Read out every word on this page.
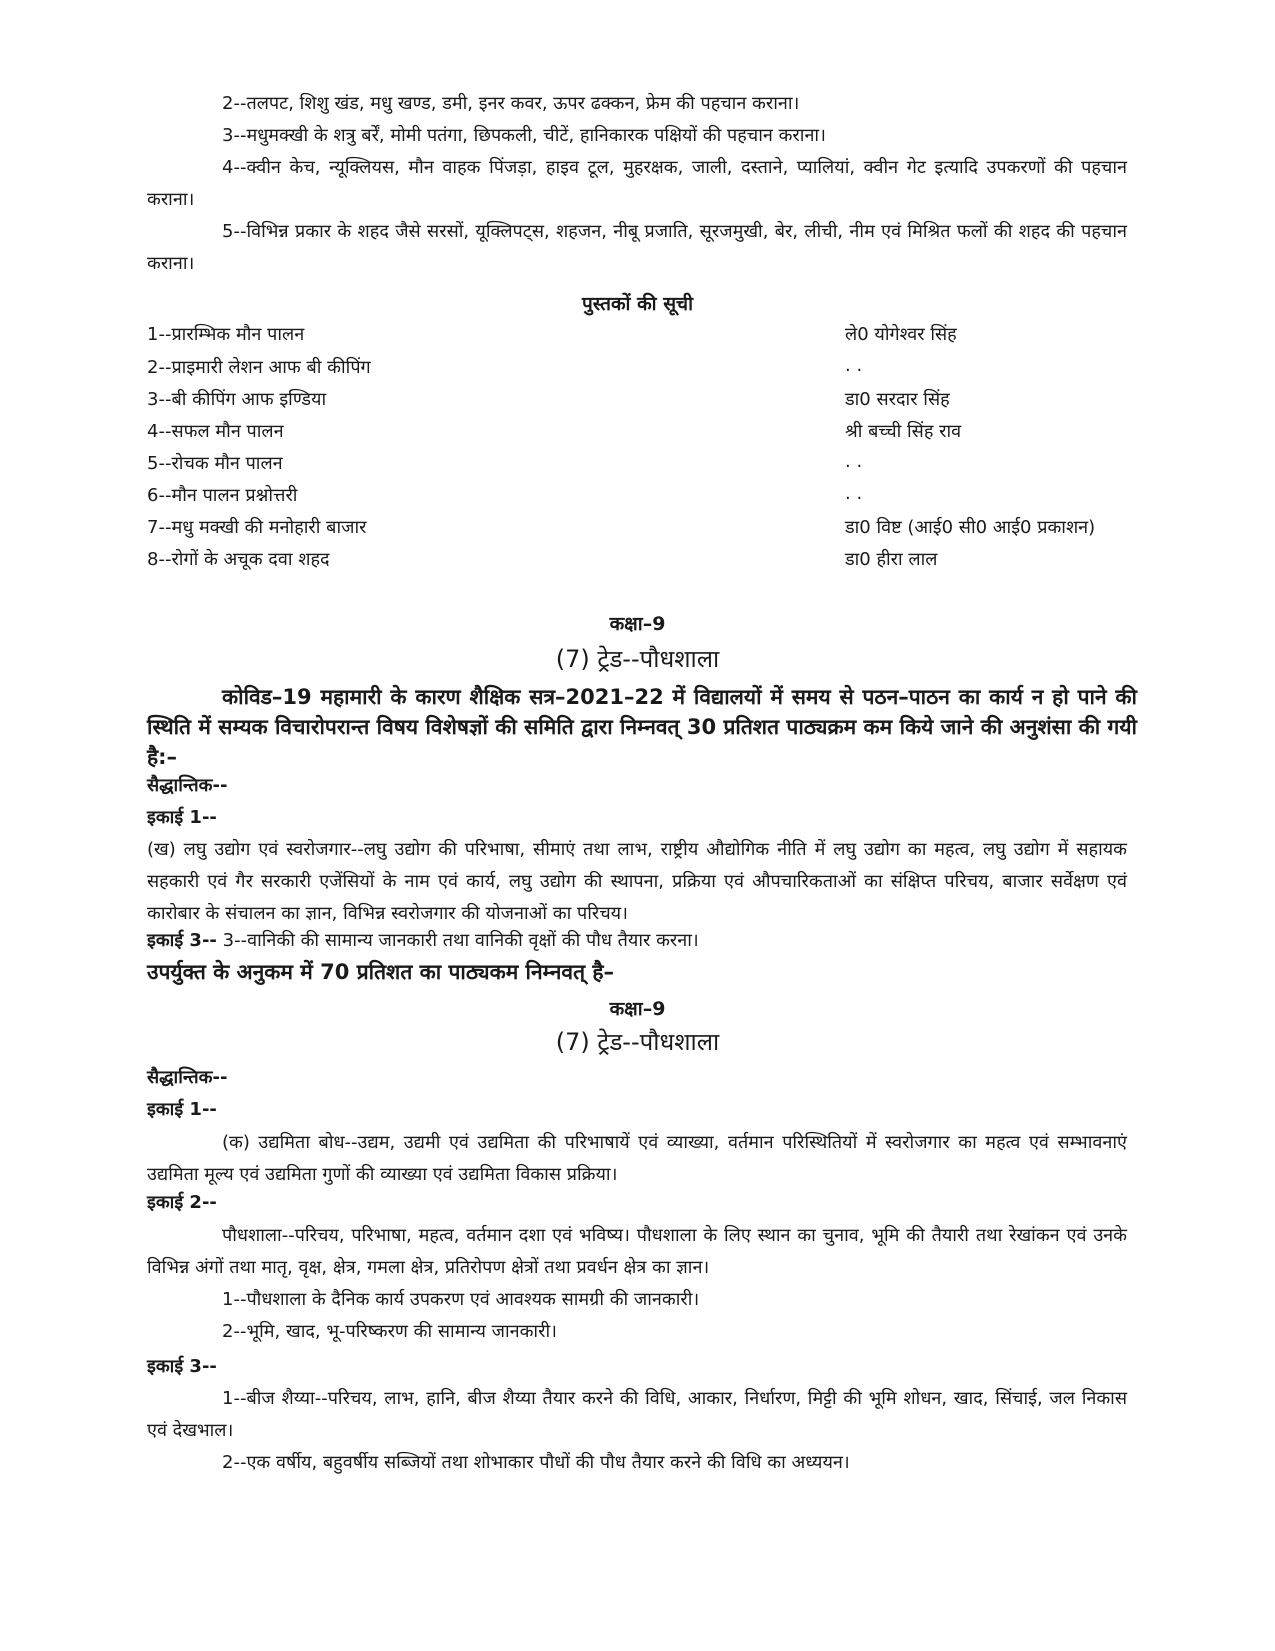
2--तलपट, शिशु खंड, मधु खण्ड, डमी, इनर कवर, ऊपर ढक्कन, फ्रेम की पहचान कराना।
3--मधुमक्खी के शत्रु बर्रें, मोमी पतंगा, छिपकली, चीटें, हानिकारक पक्षियों की पहचान कराना।
4--क्वीन केच, न्यूक्लियस, मौन वाहक पिंजड़ा, हाइव टूल, मुहरक्षक, जाली, दस्ताने, प्यालियां, क्वीन गेट इत्यादि उपकरणों की पहचान कराना।
5--विभिन्न प्रकार के शहद जैसे सरसों, यूक्लिपट्स, शहजन, नीबू प्रजाति, सूरजमुखी, बेर, लीची, नीम एवं मिश्रित फलों की शहद की पहचान कराना।
पुस्तकों की सूची
1--प्रारम्भिक मौन पालन	ले0 योगेश्वर सिंह
2--प्राइमारी लेशन आफ बी कीपिंग	. .
3--बी कीपिंग आफ इण्डिया	डा0 सरदार सिंह
4--सफल मौन पालन	श्री बच्ची सिंह राव
5--रोचक मौन पालन	. .
6--मौन पालन प्रश्नोत्तरी	. .
7--मधु मक्खी की मनोहारी बाजार	डा0 विष्ट (आई0 सी0 आई0 प्रकाशन)
8--रोगों के अचूक दवा शहद	डा0 हीरा लाल
कक्षा–9
(7) ट्रेड--पौधशाला
कोविड–19 महामारी के कारण शैक्षिक सत्र–2021–22 में विद्यालयों में समय से पठन–पाठन का कार्य न हो पाने की स्थिति में सम्यक विचारोपरान्त विषय विशेषज्ञों की समिति द्वारा निम्नवत् 30 प्रतिशत पाठ्यक्रम कम किये जाने की अनुशंसा की गयी है:–
सैद्धान्तिक--
इकाई 1--
(ख) लघु उद्योग एवं स्वरोजगार--लघु उद्योग की परिभाषा, सीमाएं तथा लाभ, राष्ट्रीय औद्योगिक नीति में लघु उद्योग का महत्व, लघु उद्योग में सहायक सहकारी एवं गैर सरकारी एजेंसियों के नाम एवं कार्य, लघु उद्योग की स्थापना, प्रक्रिया एवं औपचारिकताओं का संक्षिप्त परिचय, बाजार सर्वेक्षण एवं कारोबार के संचालन का ज्ञान, विभिन्न स्वरोजगार की योजनाओं का परिचय।
इकाई 3-- 3--वानिकी की सामान्य जानकारी तथा वानिकी वृक्षों की पौध तैयार करना।
उपर्युक्त के अनुकम में 70 प्रतिशत का पाठ्यकम निम्नवत् है–
कक्षा–9
(7) ट्रेड--पौधशाला
सैद्धान्तिक--
इकाई 1--
(क) उद्यमिता बोध--उद्यम, उद्यमी एवं उद्यमिता की परिभाषायें एवं व्याख्या, वर्तमान परिस्थितियों में स्वरोजगार का महत्व एवं सम्भावनाएं उद्यमिता मूल्य एवं उद्यमिता गुणों की व्याख्या एवं उद्यमिता विकास प्रक्रिया।
इकाई 2--
पौधशाला--परिचय, परिभाषा, महत्व, वर्तमान दशा एवं भविष्य। पौधशाला के लिए स्थान का चुनाव, भूमि की तैयारी तथा रेखांकन एवं उनके विभिन्न अंगों तथा मातृ, वृक्ष, क्षेत्र, गमला क्षेत्र, प्रतिरोपण क्षेत्रों तथा प्रवर्धन क्षेत्र का ज्ञान।
1--पौधशाला के दैनिक कार्य उपकरण एवं आवश्यक सामग्री की जानकारी।
2--भूमि, खाद, भू-परिष्करण की सामान्य जानकारी।
इकाई 3--
1--बीज शैय्या--परिचय, लाभ, हानि, बीज शैय्या तैयार करने की विधि, आकार, निर्धारण, मिट्टी की भूमि शोधन, खाद, सिंचाई, जल निकास एवं देखभाल।
2--एक वर्षीय, बहुवर्षीय सब्जियों तथा शोभाकार पौधों की पौध तैयार करने की विधि का अध्ययन।
